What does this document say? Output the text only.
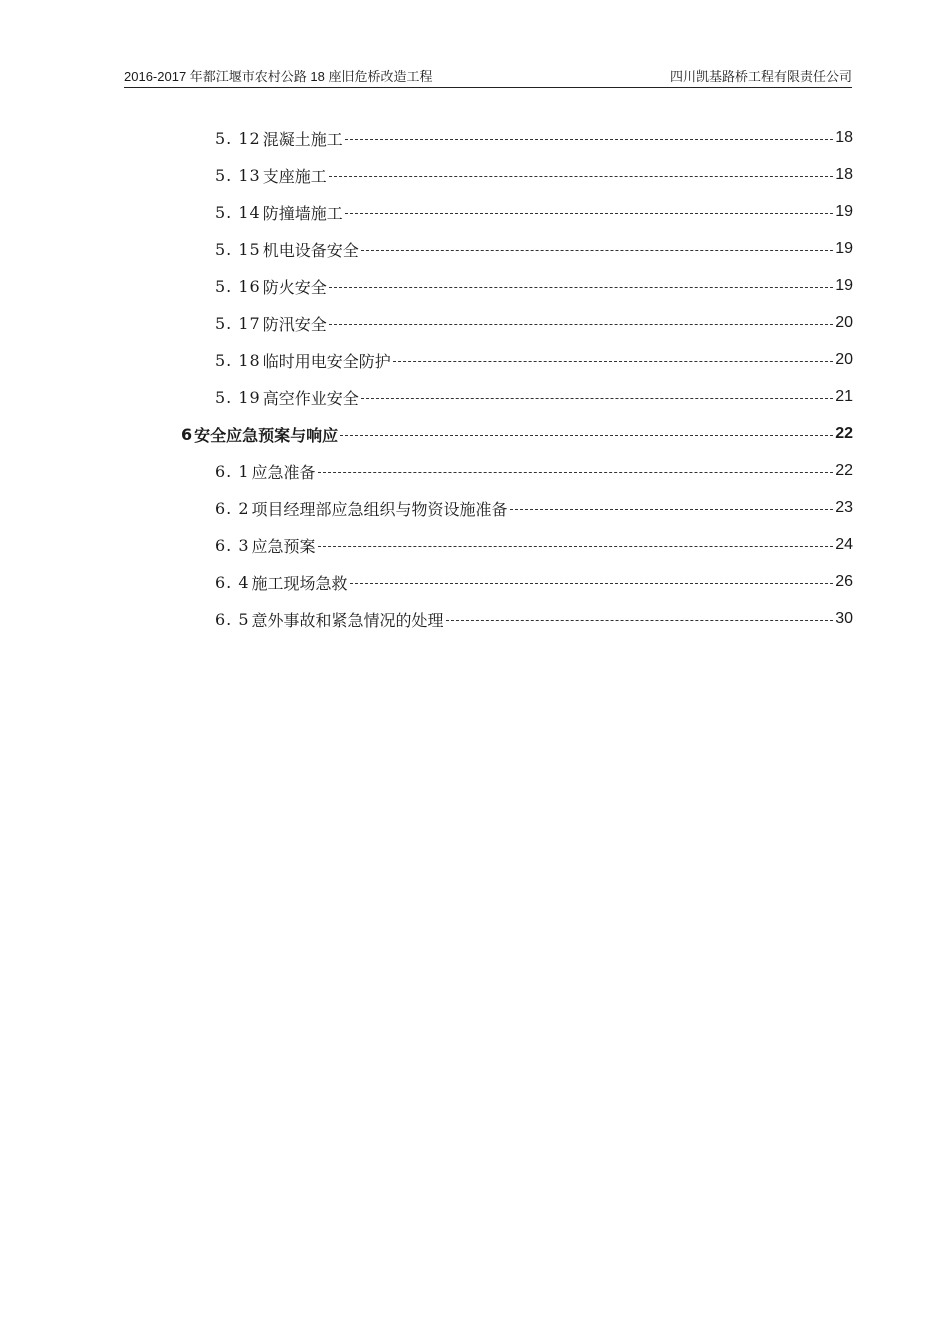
2016-2017 年都江堰市农村公路 18 座旧危桥改造工程	四川凯基路桥工程有限责任公司
5. 12 混凝土施工	18
5. 13 支座施工	18
5. 14 防撞墙施工	19
5. 15 机电设备安全	19
5. 16 防火安全	19
5. 17 防汛安全	20
5. 18 临时用电安全防护	20
5. 19 高空作业安全	21
6 安全应急预案与响应	22
6. 1 应急准备	22
6. 2 项目经理部应急组织与物资设施准备	23
6. 3 应急预案	24
6. 4 施工现场急救	26
6. 5 意外事故和紧急情况的处理	30
